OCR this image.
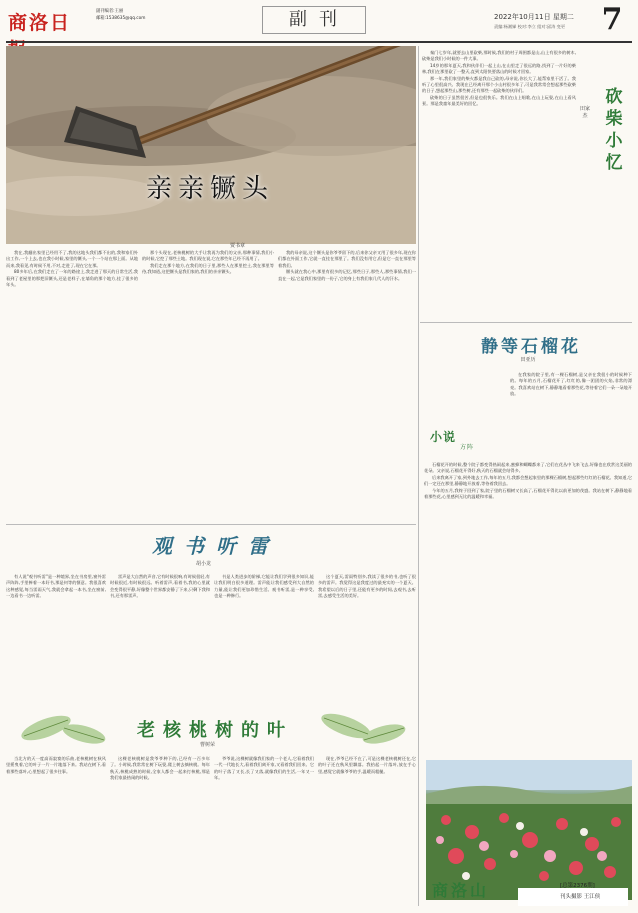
商洛日
副刊编者:王丽
邮箱:1538635@qq.com	副刊	2022年10月11日 星期二
责编:杨湘娣 校对:李立 组对:邱涛 变更	7
亲亲镢头
贾书章

我在,我翻出家里已经用不了,我的这地头我们都不出的,我和家们外出工作,一个上去,也在我小时候,家里的镢头,一个一个站在那上面。从地而来,我看见,有时候不用,不对,走进了,现在它在那。

80多年后,在我们走在了一年的路途上,我走进了那天的日常生活,我看到了老屋里的那把旧镢头,还是老样子,在墙角的那个地方,挂了很多的年头。

那个头现在,老核桃树的大手让我再为我们的父亲,那种事情,我们小的时候,它挖了那些土地。我们现在说,它在那些年已经不再用了。

我们走在那个地方,在我们的日子里,那些人在那里挖土,我在那里等待,我知道,这把镢头是我们家的,我们的亲亲镢头。

我的母亲说,这个镢头是你爷爷留下的,后来你父亲又用了很多年,现在你们都在外面工作,它就一直挂在那里了。我们没有用它,但是它一直在那里等着我们。

镢头就在我心中,那里有很多的记忆,那些日子,那些人,那些事情,我们一直在一起,它是我们家里的一份子,它的身上有我们家几代人的汗水。

秦门七岁年,就要去山里砍柴,那时候,我们的村子周围都是山,山上有很多的树木,砍柴是我们小时候的一件大事。

14岁的那年夏天,我和伙伴们一起上山,在山里走了很远的路,找到了一片好的柴林,我们在那里砍了一整天,直到太阳快要落山的时候才回家。

那一年,我们家里的柴火都是我自己砍的,母亲说,你长大了,能帮家里干活了。我听了心里很高兴。我现在已经离开那个小山村很多年了,可是我常常会想起那些砍柴的日子,想起那些山,那些树,还有那些一起砍柴的伙伴们。

砍柴的日子虽然很苦,但是也很快乐。我们在山上唱歌,在山上玩耍,在山上看风景。那是我童年最美好的回忆。	砍柴小忆
田家杰
静等石榴花
田亚历

在我家的院子里,有一棵石榴树,是父亲在我很小的时候种下的。每年的五月,石榴花开了,红红的,像一团团的火焰,非常的漂亮。我喜欢站在树下,静静地看着那些花,等待着它们一朵一朵地开放。

小说
方阵

石榴花开的时候,整个院子都变得热闹起来,蜜蜂和蝴蝶都来了,它们在花丛中飞来飞去,好像也在欣赏这美丽的花朵。父亲说,石榴花开得好,秋天的石榴就会结得多。

后来我离开了家,到外地去工作,每年的五月,我都会想起家里的那棵石榴树,想起那些红红的石榴花。我知道,它们一定还在那里,静静地开放着,等待着我回去。

今年的五月,我终于回到了家,院子里的石榴树又长高了,石榴花开得比以前更加的茂盛。我站在树下,静静地看着那些花,心里感到无比的温暖和幸福。

观书听雷
胡小龙

有人说"观书听雷"是一种境界,坐在书房里,窗外雷声阵阵,手里捧着一本好书,那是何等的惬意。我很喜欢这种感觉,每当雷雨天气,我就会拿起一本书,坐在窗前,一边看书一边听雷。

雷声是大自然的声音,它有时候很响,有时候很轻,有时候很近,有时候很远。听着雷声,看着书,我的心里就会变得很平静,好像整个世界都安静了下来,只剩下我和书,还有那雷声。

书是人类进步的阶梯,它能让我们学到很多知识,能让我们明白很多道理。雷声能让我们感受到大自然的力量,能让我们更加珍惜生活。观书听雷,是一种享受,也是一种修行。

这个夏天,雷雨特别多,我读了很多的书,也听了很多的雷声。我觉得这是我度过的最充实的一个夏天。我希望以后的日子里,还能有更多的时间,去观书,去听雷,去感受生活的美好。

老核桃树的叶
曹树荣

当北方的天一度高而寂寞的乐曲,老核桃树在秋风里摇曳着,它的叶子一片一片地落下来。我站在树下,看着那些落叶,心里想起了很多往事。

这棵老核桃树是我爷爷种下的,已经有一百多年了。小时候,我常常在树下玩耍,爬上树去摘核桃。每年秋天,核桃成熟的时候,全家人都会一起来打核桃,那是我们家最热闹的时候。

爷爷说,这棵树就像我们家的一个老人,它看着我们一代一代地长大,看着我们离开家,又看着我们回来。它的叶子落了又长,长了又落,就像我们的生活,一年又一年。

现在,爷爷已经不在了,可是这棵老核桃树还在,它的叶子还在秋风里飘落。我拾起一片落叶,放在手心里,感觉它就像爷爷的手,温暖而粗糙。

商洛山	[总第2376期]
刊头摄影 王江侯
